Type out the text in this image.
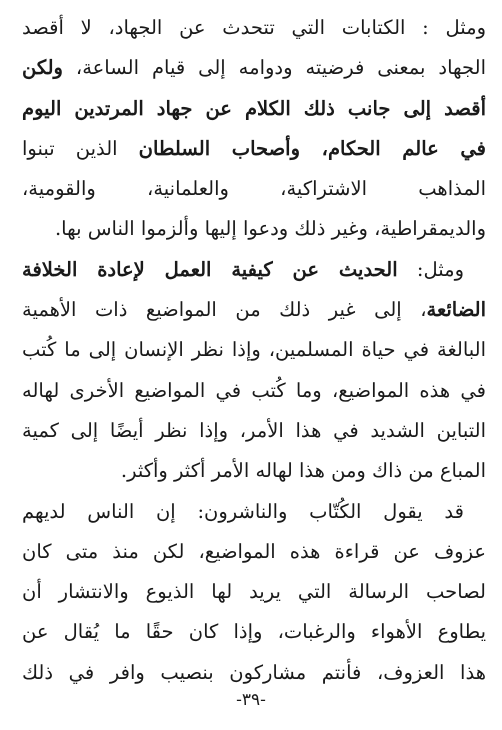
ومثل : الكتابات التي تتحدث عن الجهاد، لا أقصد
الجهاد بمعنى فرضيته ودوامه إلى قيام الساعة، ولكن
أقصد إلى جانب ذلك الكلام عن جهاد المرتدين اليوم
في عالم الحكام، وأصحاب السلطان الذين تبنوا
المذاهب الاشتراكية، والعلمانية، والقومية،
والديمقراطية، وغير ذلك ودعوا إليها وألزموا الناس بها.
ومثل: الحديث عن كيفية العمل لإعادة الخلافة
الضائعة، إلى غير ذلك من المواضيع ذات الأهمية
البالغة في حياة المسلمين، وإذا نظر الإنسان إلى ما كُتب
في هذه المواضيع، وما كُتب في المواضيع الأخرى لهاله
التباين الشديد في هذا الأمر، وإذا نظر أيضًا إلى كمية
المباع من ذاك ومن هذا لهاله الأمر أكثر وأكثر.
قد يقول الكُتّاب والناشرون: إن الناس لديهم
عزوف عن قراءة هذه المواضيع، لكن منذ متى كان
لصاحب الرسالة التي يريد لها الذيوع والانتشار أن
يطاوع الأهواء والرغبات، وإذا كان حقًا ما يُقال عن
هذا العزوف، فأنتم مشاركون بنصيب وافر في ذلك
-٣٩-
